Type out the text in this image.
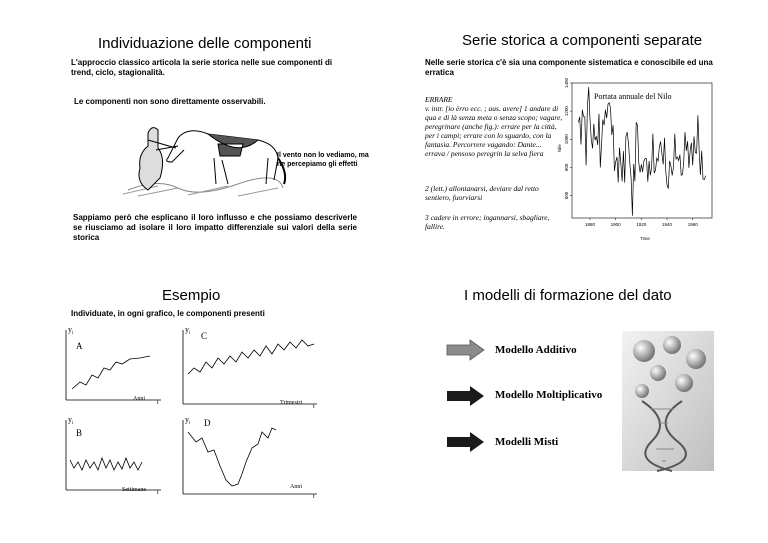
Individuazione delle componenti
L'approccio classico articola la serie storica nelle sue componenti di trend, ciclo, stagionalità.
Le componenti non sono direttamente osservabili.
Il vento non lo vediamo, ma ne percepiamo gli effetti
Sappiamo però che esplicano il loro influsso e che possiamo descriverle se riusciamo ad isolare il loro impatto differenziale sui valori della serie storica
Serie storica a componenti separate
Nelle serie storica c'è sia una componente sistematica e conoscibile ed una erratica
ERRARE
v. intr. [io èrro ecc. ; aus. avere] 1 andare di qua e di là senza meta o senza scopo; vagare, peregrinare (anche fig.): errare per la città, per i campi; errare con lo sguardo, con la fantasia. Percorrere vagando: Dante... errava / pensoso peregrin la selva fiera
2 (lett.) allontanarsi, deviare dal retto sentiero, fuorviarsi
3 cadere in errore; ingannarsi, sbagliare, fallire.	1880	1900	1920	1940	1960
600
800
1000
1200
1400
Portata annuale del Nilo
Time
Nile
Esempio
Individuate, in ogni grafico, le componenti presenti
y i
A
Anni
t
y i
B
Settimane t
y i C
Trimestri
t
y i D
Anni
t
I modelli di formazione del dato
Modello Additivo
Modello Moltiplicativo
Modelli Misti
